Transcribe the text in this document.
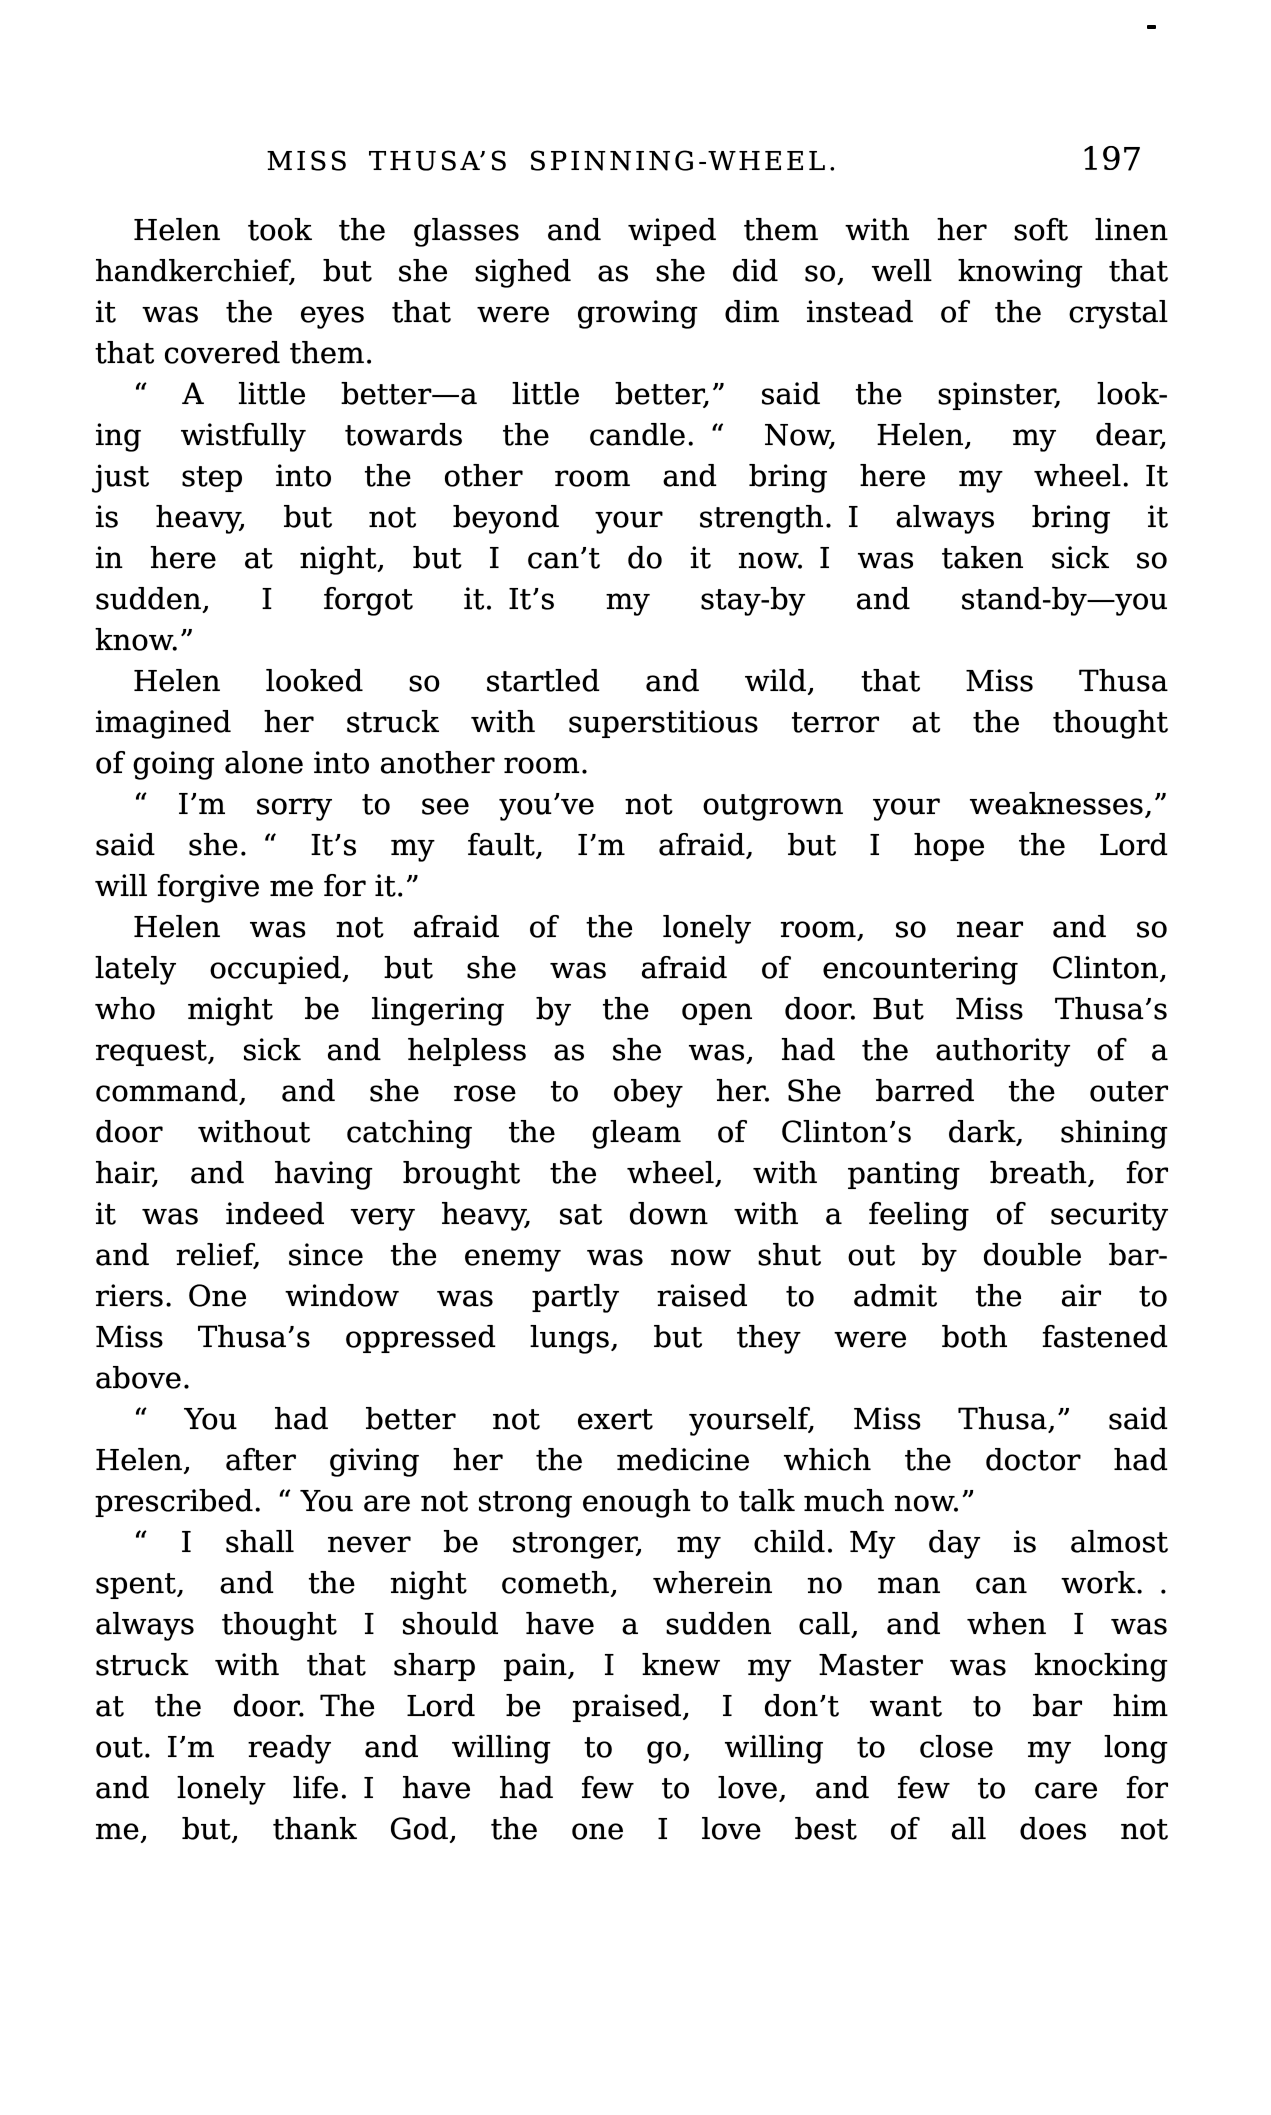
MISS THUSA’S SPINNING-WHEEL.	197
Helen took the glasses and wiped them with her soft linen
handkerchief, but she sighed as she did so, well knowing that
it was the eyes that were growing dim instead of the crystal
that covered them.
“ A little better—a little better,” said the spinster, look-
ing wistfully towards the candle. “ Now, Helen, my dear,
just step into the other room and bring here my wheel. It
is heavy, but not beyond your strength. I always bring it
in here at night, but I can’t do it now. I was taken sick so
sudden, I forgot it. It’s my stay-by and stand-by—you
know.”
Helen looked so startled and wild, that Miss Thusa
imagined her struck with superstitious terror at the thought
of going alone into another room.
“ I’m sorry to see you’ve not outgrown your weaknesses,”
said she. “ It’s my fault, I’m afraid, but I hope the Lord
will forgive me for it.”
Helen was not afraid of the lonely room, so near and so
lately occupied, but she was afraid of encountering Clinton,
who might be lingering by the open door. But Miss Thusa’s
request, sick and helpless as she was, had the authority of a
command, and she rose to obey her. She barred the outer
door without catching the gleam of Clinton’s dark, shining
hair, and having brought the wheel, with panting breath, for
it was indeed very heavy, sat down with a feeling of security
and relief, since the enemy was now shut out by double bar-
riers. One window was partly raised to admit the air to
Miss Thusa’s oppressed lungs, but they were both fastened
above.
“ You had better not exert yourself, Miss Thusa,” said
Helen, after giving her the medicine which the doctor had
prescribed. “ You are not strong enough to talk much now.”
“ I shall never be stronger, my child. My day is almost
spent, and the night cometh, wherein no man can work. .
always thought I should have a sudden call, and when I was
struck with that sharp pain, I knew my Master was knocking
at the door. The Lord be praised, I don’t want to bar him
out. I’m ready and willing to go, willing to close my long
and lonely life. I have had few to love, and few to care for
me, but, thank God, the one I love best of all does not
